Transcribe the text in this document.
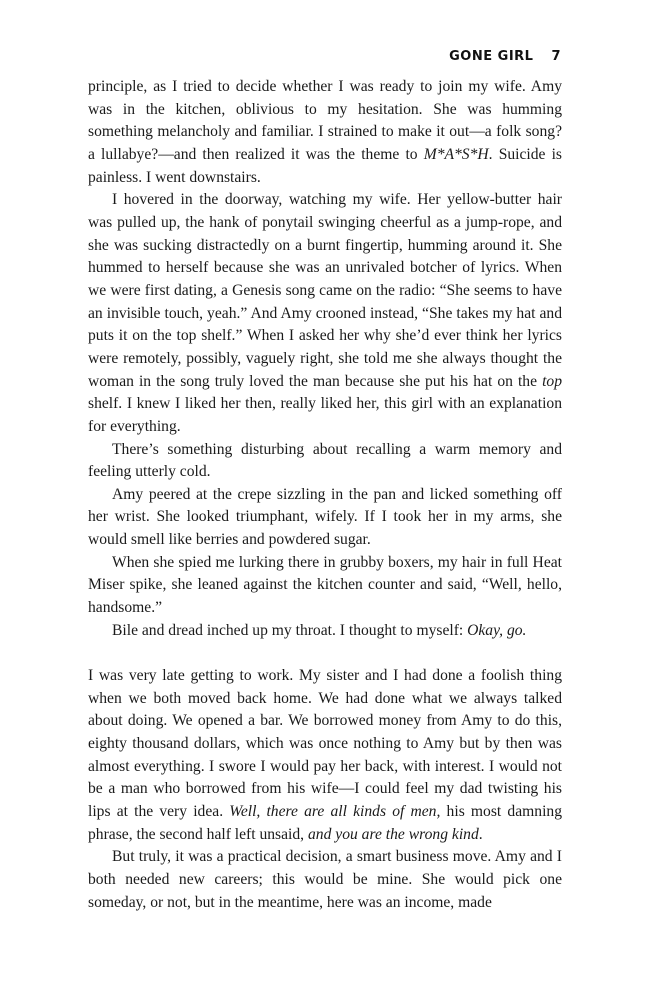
GONE GIRL 7

principle, as I tried to decide whether I was ready to join my wife. Amy was in the kitchen, oblivious to my hesitation. She was humming something melancholy and familiar. I strained to make it out—a folk song? a lullabye?—and then realized it was the theme to M*A*S*H. Suicide is painless. I went downstairs.

I hovered in the doorway, watching my wife. Her yellow-butter hair was pulled up, the hank of ponytail swinging cheerful as a jump-rope, and she was sucking distractedly on a burnt fingertip, humming around it. She hummed to herself because she was an unrivaled botcher of lyrics. When we were first dating, a Genesis song came on the radio: “She seems to have an invisible touch, yeah.” And Amy crooned instead, “She takes my hat and puts it on the top shelf.” When I asked her why she’d ever think her lyrics were remotely, possibly, vaguely right, she told me she always thought the woman in the song truly loved the man because she put his hat on the top shelf. I knew I liked her then, really liked her, this girl with an explanation for everything.

There’s something disturbing about recalling a warm memory and feeling utterly cold.

Amy peered at the crepe sizzling in the pan and licked something off her wrist. She looked triumphant, wifely. If I took her in my arms, she would smell like berries and powdered sugar.

When she spied me lurking there in grubby boxers, my hair in full Heat Miser spike, she leaned against the kitchen counter and said, “Well, hello, handsome.”

Bile and dread inched up my throat. I thought to myself: Okay, go.

I was very late getting to work. My sister and I had done a foolish thing when we both moved back home. We had done what we always talked about doing. We opened a bar. We borrowed money from Amy to do this, eighty thousand dollars, which was once nothing to Amy but by then was almost everything. I swore I would pay her back, with interest. I would not be a man who borrowed from his wife—I could feel my dad twisting his lips at the very idea. Well, there are all kinds of men, his most damning phrase, the second half left unsaid, and you are the wrong kind.

But truly, it was a practical decision, a smart business move. Amy and I both needed new careers; this would be mine. She would pick one someday, or not, but in the meantime, here was an income, made
